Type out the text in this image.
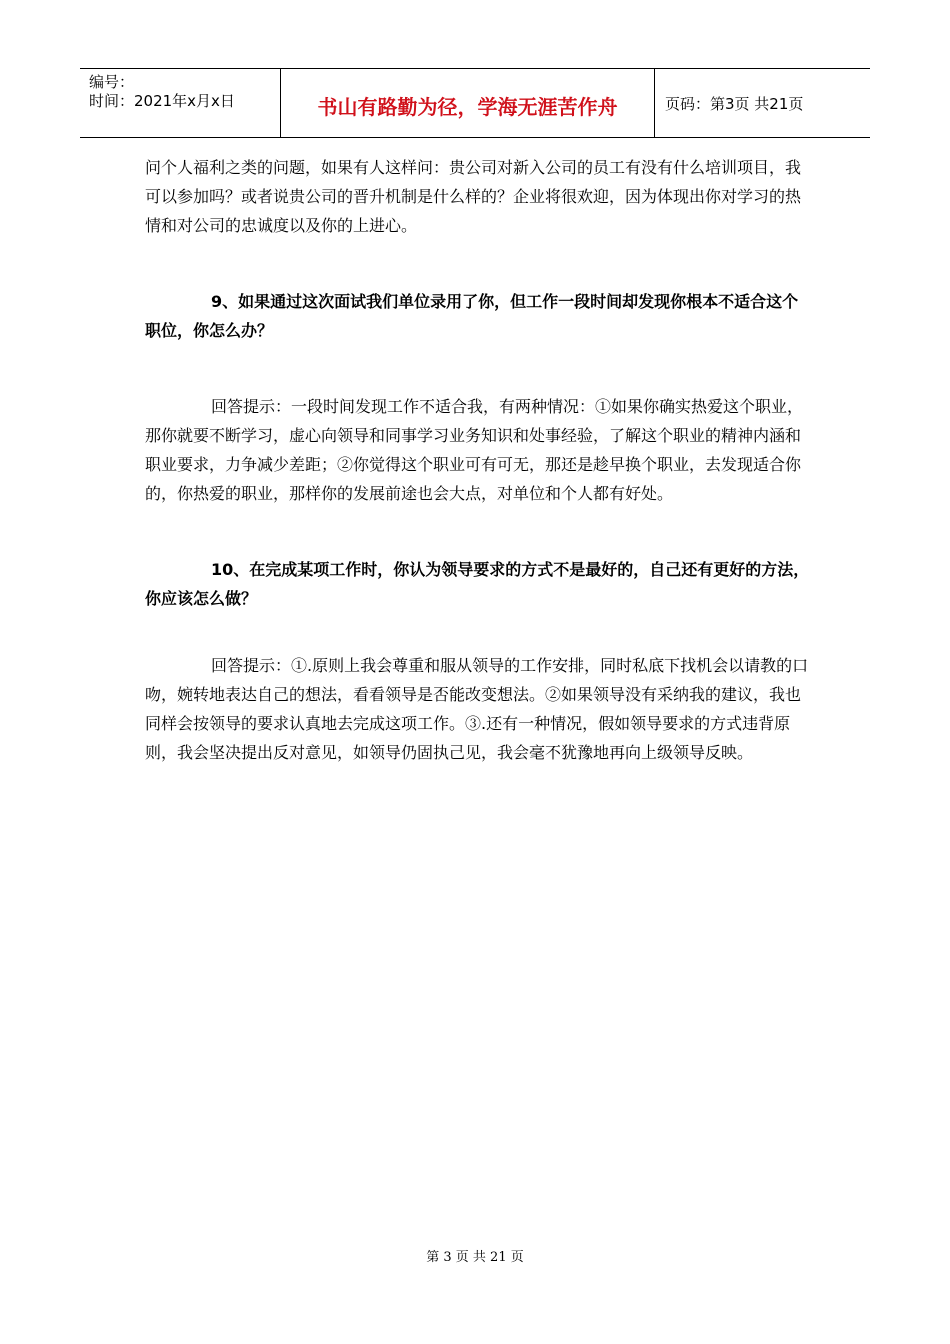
编号：
时间：2021年x月x日	书山有路勤为径，学海无涯苦作舟	页码：第3页 共21页

问个人福利之类的问题，如果有人这样问：贵公司对新入公司的员工有没有什么培训项目，我可以参加吗？或者说贵公司的晋升机制是什么样的？企业将很欢迎，因为体现出你对学习的热情和对公司的忠诚度以及你的上进心。

9、如果通过这次面试我们单位录用了你，但工作一段时间却发现你根本不适合这个职位，你怎么办？

回答提示：一段时间发现工作不适合我，有两种情况：①如果你确实热爱这个职业，那你就要不断学习，虚心向领导和同事学习业务知识和处事经验，了解这个职业的精神内涵和职业要求，力争减少差距；②你觉得这个职业可有可无，那还是趁早换个职业，去发现适合你的，你热爱的职业，那样你的发展前途也会大点，对单位和个人都有好处。

10、在完成某项工作时，你认为领导要求的方式不是最好的，自己还有更好的方法，你应该怎么做？

回答提示：①.原则上我会尊重和服从领导的工作安排，同时私底下找机会以请教的口吻，婉转地表达自己的想法，看看领导是否能改变想法。②如果领导没有采纳我的建议，我也同样会按领导的要求认真地去完成这项工作。③.还有一种情况，假如领导要求的方式违背原则，我会坚决提出反对意见，如领导仍固执己见，我会毫不犹豫地再向上级领导反映。

第 3 页 共 21 页
